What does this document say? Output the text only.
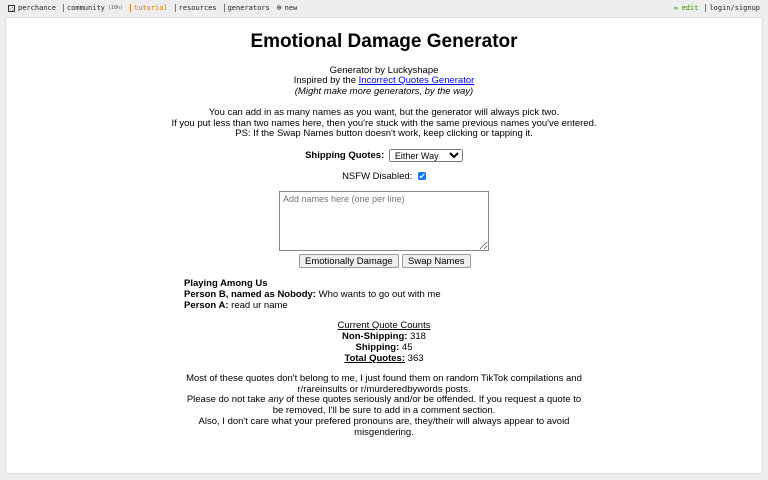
⁘ perchance community (10h) tutorial resources generators ⊕ new	✏ edit login/signup
Emotional Damage Generator
Generator by Luckyshape
Inspired by the Incorrect Quotes Generator
(Might make more generators, by the way)
You can add in as many names as you want, but the generator will always pick two.
If you put less than two names here, then you're stuck with the same previous names you've entered.
PS: If the Swap Names button doesn't work, keep clicking or tapping it.
Shipping Quotes:
Either Way
NSFW Disabled:
Add names here (one per line)
Emotionally Damage	Swap Names
Playing Among Us
Person B, named as Nobody: Who wants to go out with me
Person A: read ur name
Current Quote Counts
Non-Shipping: 318
Shipping: 45
Total Quotes: 363
Most of these quotes don't belong to me, I just found them on random TikTok compilations and
r/rareinsults or r/murderedbywords posts.
Please do not take any of these quotes seriously and/or be offended. If you request a quote to
be removed, I'll be sure to add in a comment section.
Also, I don't care what your prefered pronouns are, they/their will always appear to avoid
misgendering.
